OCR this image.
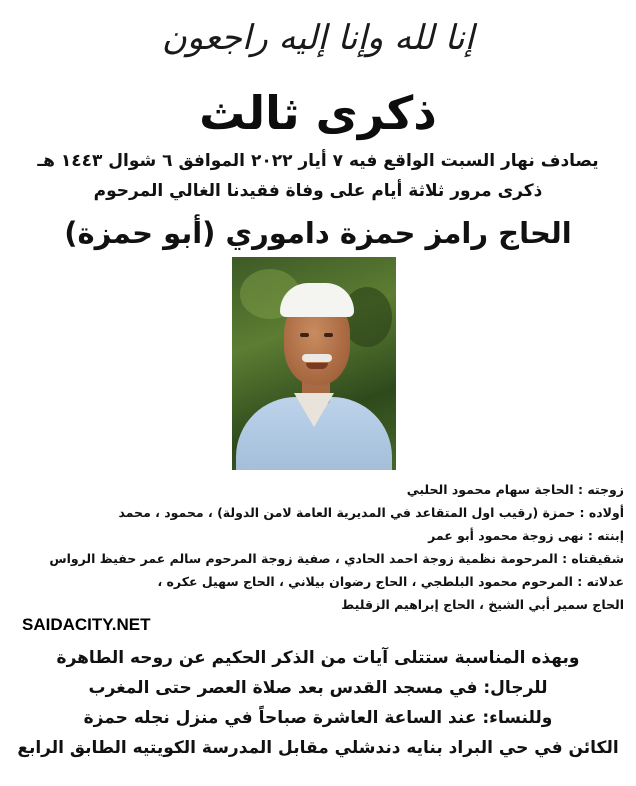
إنا لله وإنا إليه راجعون
ذكرى ثالث
يصادف نهار السبت الواقع فيه ٧ أيار ٢٠٢٢ الموافق ٦ شوال ١٤٤٣ هـ
ذكرى مرور ثلاثة أيام على وفاة فقيدنا الغالي المرحوم
الحاج رامز حمزة داموري (أبو حمزة)
زوجته : الحاجة سهام محمود الحلبي
أولاده : حمزة (رقيب اول المتقاعد في المديرية العامة لامن الدولة) ، محمود ، محمد
إبنته : نهى زوجة محمود أبو عمر
شقيقتاه : المرحومة نظمية زوجة احمد الحادي ، صفية زوجة المرحوم سالم عمر حفيظ الرواس
عدلاته : المرحوم محمود البلطجي ، الحاج رضوان بيلاني ، الحاج سهيل عكره ،
الحاج سمير أبي الشيخ ، الحاج إبراهيم الزقليط
وبهذه المناسبة ستتلى آيات من الذكر الحكيم عن روحه الطاهرة
للرجال: في مسجد القدس بعد صلاة العصر حتى المغرب
وللنساء: عند الساعة العاشرة صباحاً في منزل نجله حمزة
الكائن في حي البراد بنايه دندشلي مقابل المدرسة الكويتيه الطابق الرابع
SAIDACITY.NET
